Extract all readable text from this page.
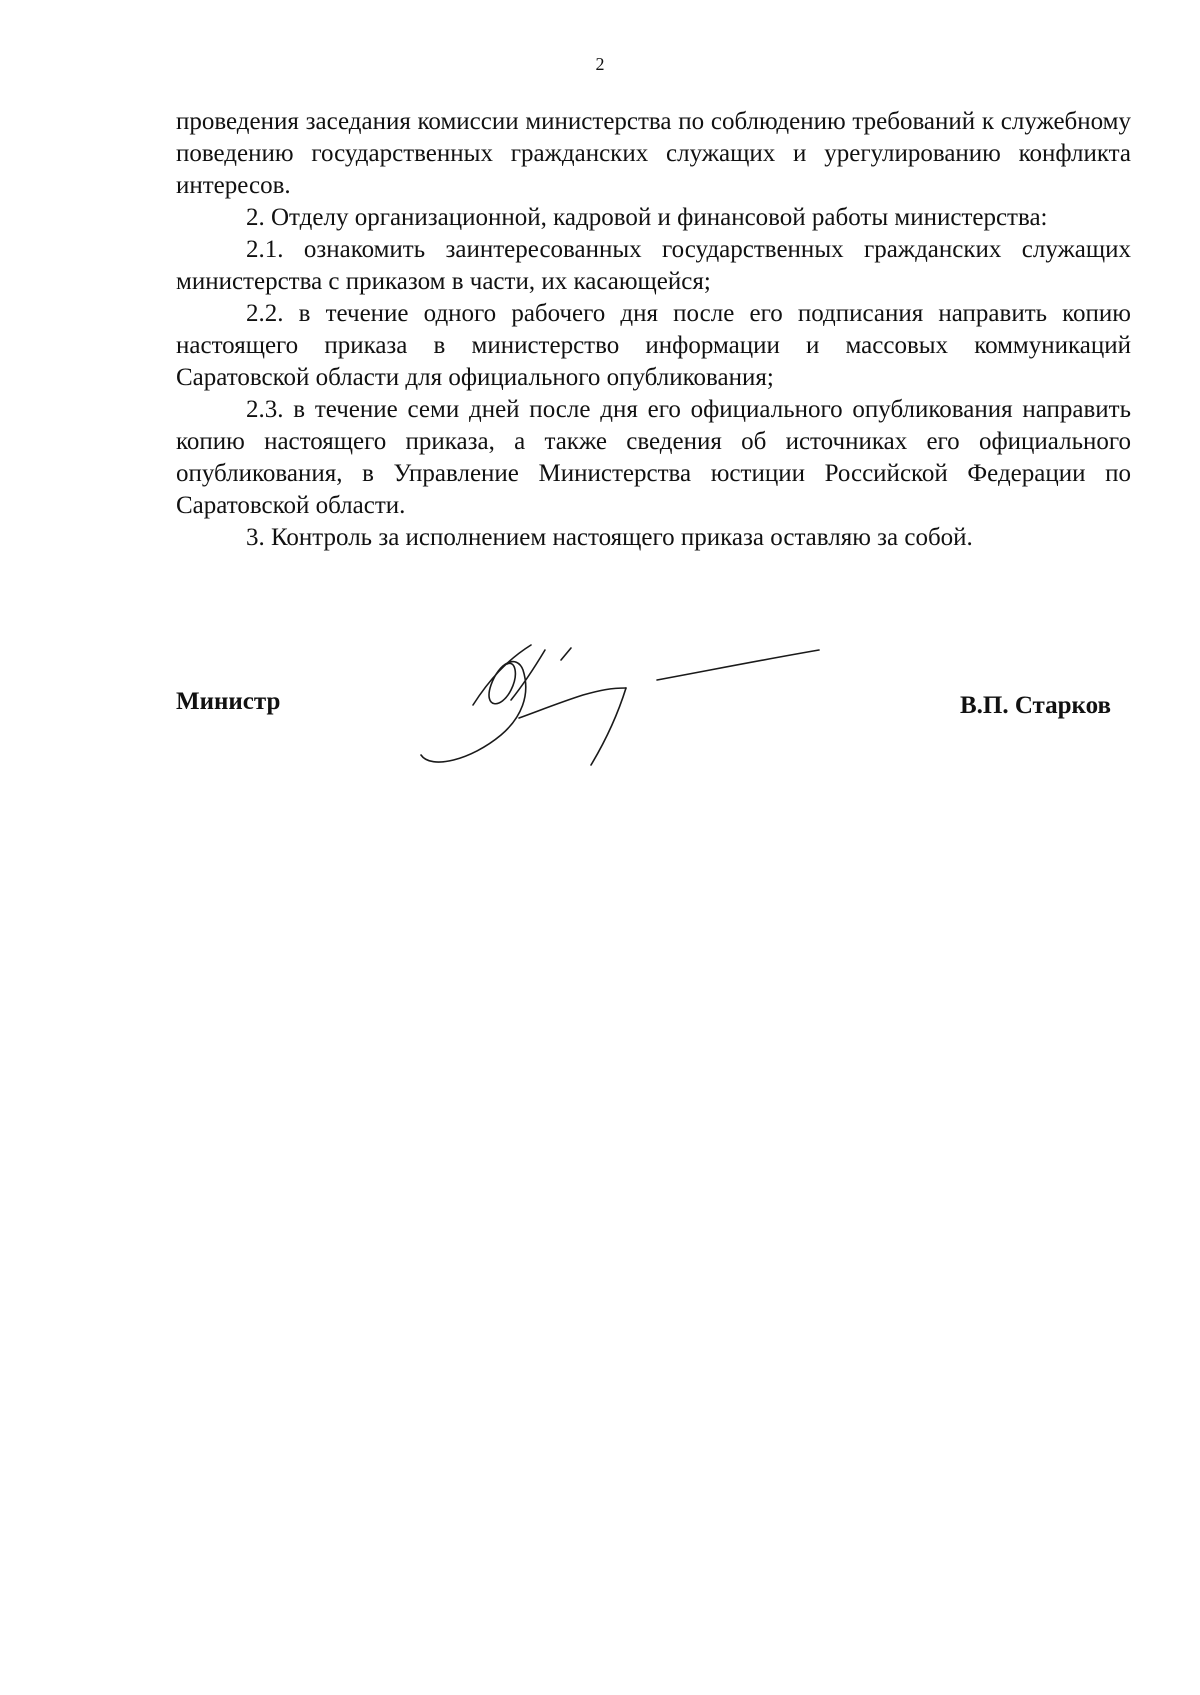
2

проведения заседания комиссии министерства по соблюдению требований к служебному поведению государственных гражданских служащих и урегулированию конфликта интересов.

2. Отделу организационной, кадровой и финансовой работы министерства:

2.1. ознакомить заинтересованных государственных гражданских служащих министерства с приказом в части, их касающейся;

2.2. в течение одного рабочего дня после его подписания направить копию настоящего приказа в министерство информации и массовых коммуникаций Саратовской области для официального опубликования;

2.3. в течение семи дней после дня его официального опубликования направить копию настоящего приказа, а также сведения об источниках его официального опубликования, в Управление Министерства юстиции Российской Федерации по Саратовской области.

3. Контроль за исполнением настоящего приказа оставляю за собой.

Министр	В.П. Старков
